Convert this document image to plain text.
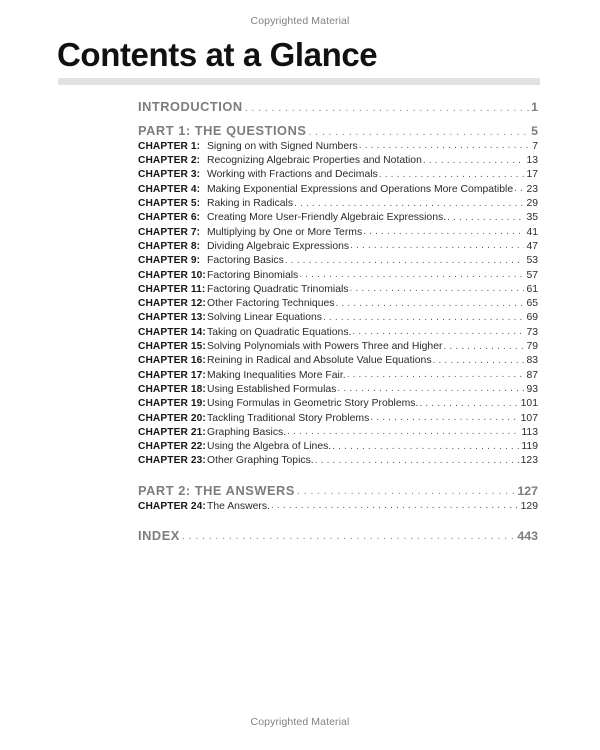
Copyrighted Material
Contents at a Glance
INTRODUCTION . . .	1
PART 1: THE QUESTIONS . . .	5
CHAPTER 1: Signing on with Signed Numbers . . .	7
CHAPTER 2: Recognizing Algebraic Properties and Notation . . .	13
CHAPTER 3: Working with Fractions and Decimals . . .	17
CHAPTER 4: Making Exponential Expressions and Operations More Compatible . . . 23
CHAPTER 5: Raking in Radicals . . .	29
CHAPTER 6: Creating More User-Friendly Algebraic Expressions. . . .	35
CHAPTER 7: Multiplying by One or More Terms . . .	41
CHAPTER 8: Dividing Algebraic Expressions . . .	47
CHAPTER 9: Factoring Basics . . .	53
CHAPTER 10: Factoring Binomials . . .	57
CHAPTER 11: Factoring Quadratic Trinomials . . .	61
CHAPTER 12: Other Factoring Techniques . . .	65
CHAPTER 13: Solving Linear Equations . . .	69
CHAPTER 14: Taking on Quadratic Equations. . . .	73
CHAPTER 15: Solving Polynomials with Powers Three and Higher . . .	79
CHAPTER 16: Reining in Radical and Absolute Value Equations . . .	83
CHAPTER 17: Making Inequalities More Fair. . . .	87
CHAPTER 18: Using Established Formulas . . .	93
CHAPTER 19: Using Formulas in Geometric Story Problems. . . .	101
CHAPTER 20: Tackling Traditional Story Problems . . .	107
CHAPTER 21: Graphing Basics. . . .	113
CHAPTER 22: Using the Algebra of Lines. . . .	119
CHAPTER 23: Other Graphing Topics. . . .	123
PART 2: THE ANSWERS . . .	127
CHAPTER 24: The Answers. . . .	129
INDEX . . .	443
Copyrighted Material
